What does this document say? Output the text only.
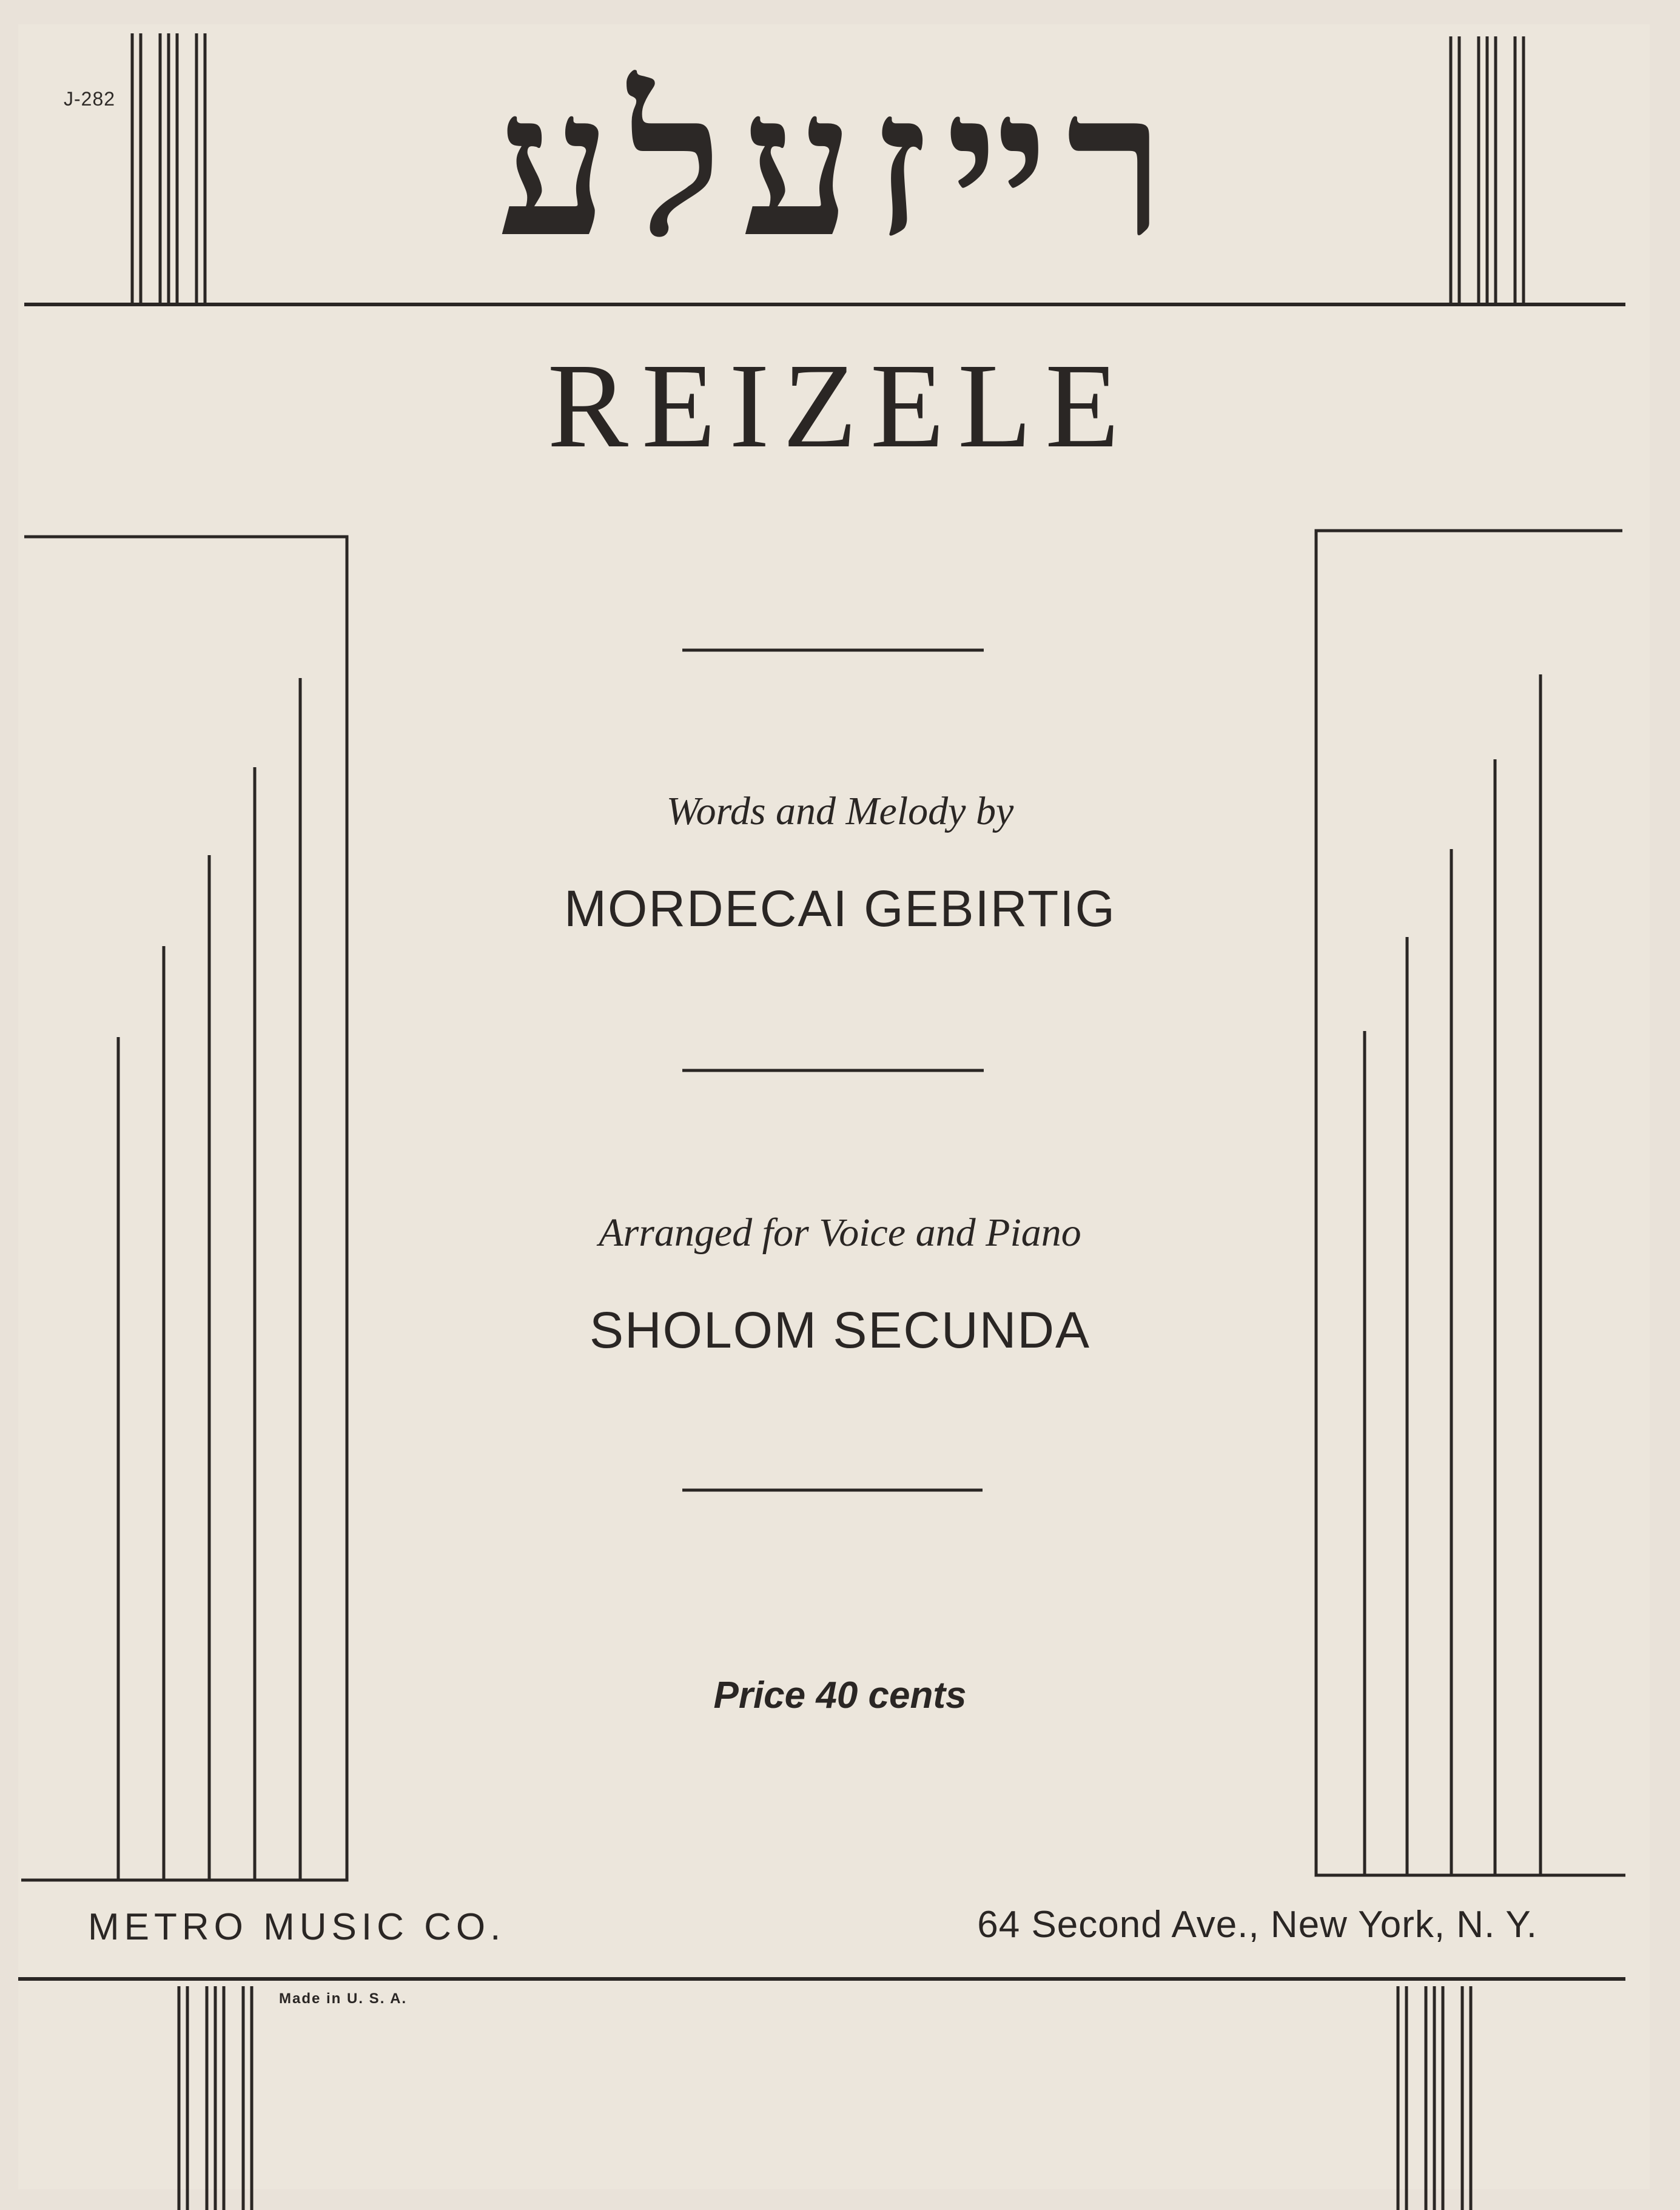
J-282	רײזעלע
REIZELE
Words and Melody by
MORDECAI GEBIRTIG
Arranged for Voice and Piano
SHOLOM SECUNDA
Price 40 cents
METRO MUSIC CO.	64 Second Ave., New York, N. Y.
Made in U. S. A.
